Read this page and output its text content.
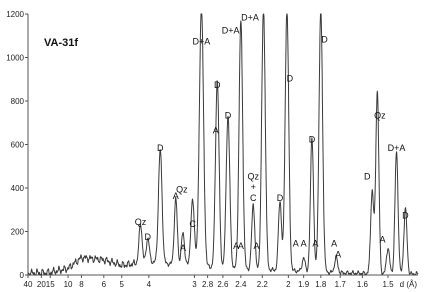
0
200
400
600
800
1000
1200
40 20 15 10 8 6 5	4	3 2.8 2.6 2.4 2.2 2 1.9 1.8 1.7 1.6 1.5
Qz
D
D
A
Qz
A
C
D+A
A
D
D+A
D
A
A
D+A
Qz
+
C
A
D
D
A A
D
A
D
A
A
D
Qz
A
D+A
D
VA-31f
d (Å)
